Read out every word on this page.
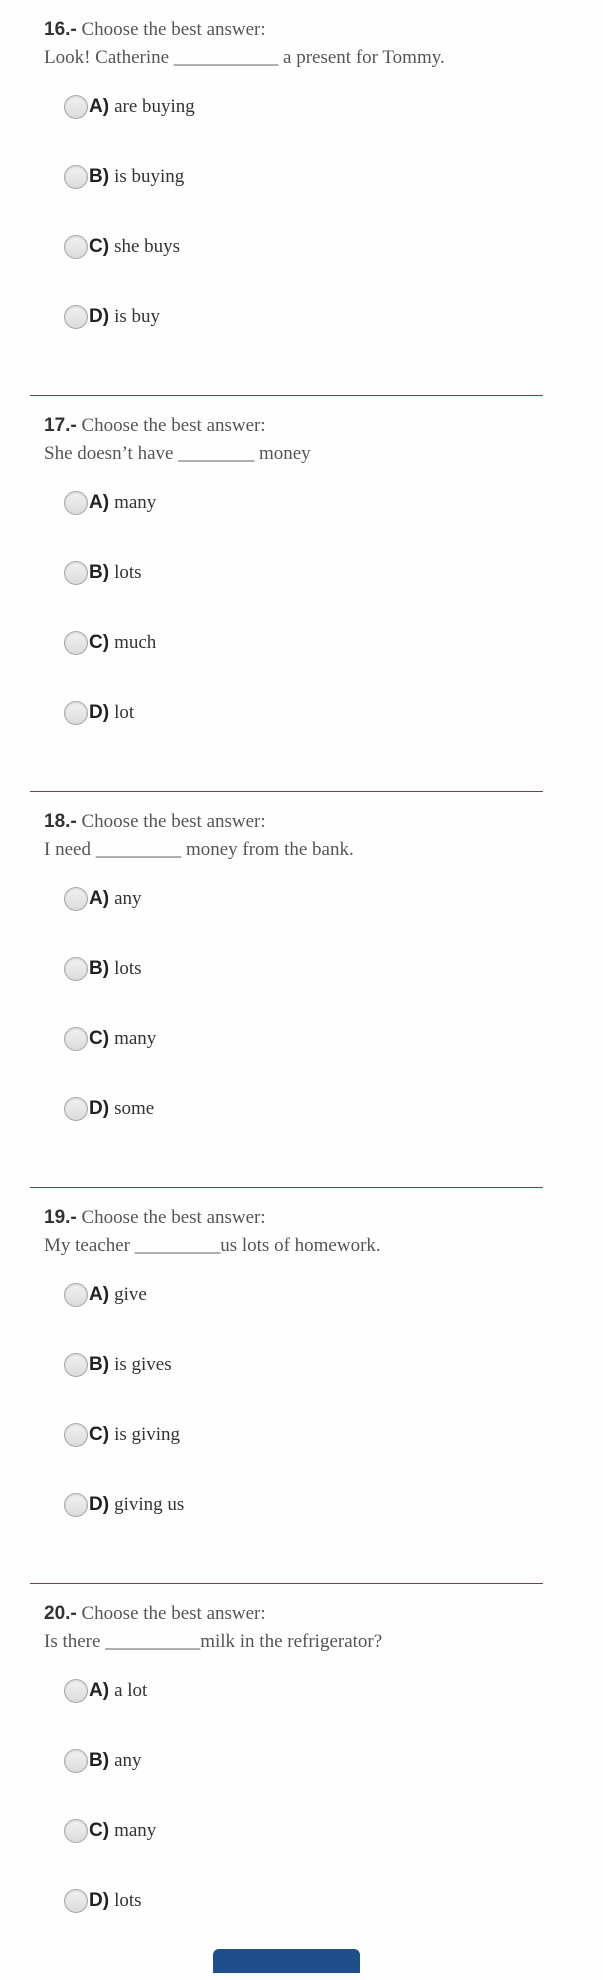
16.- Choose the best answer:
Look! Catherine ___________ a present for Tommy.
A) are buying
B) is buying
C) she buys
D) is buy
17.- Choose the best answer:
She doesn’t have ________ money
A) many
B) lots
C) much
D) lot
18.- Choose the best answer:
I need _________ money from the bank.
A) any
B) lots
C) many
D) some
19.- Choose the best answer:
My teacher _________us lots of homework.
A) give
B) is gives
C) is giving
D) giving us
20.- Choose the best answer:
Is there __________milk in the refrigerator?
A) a lot
B) any
C) many
D) lots
